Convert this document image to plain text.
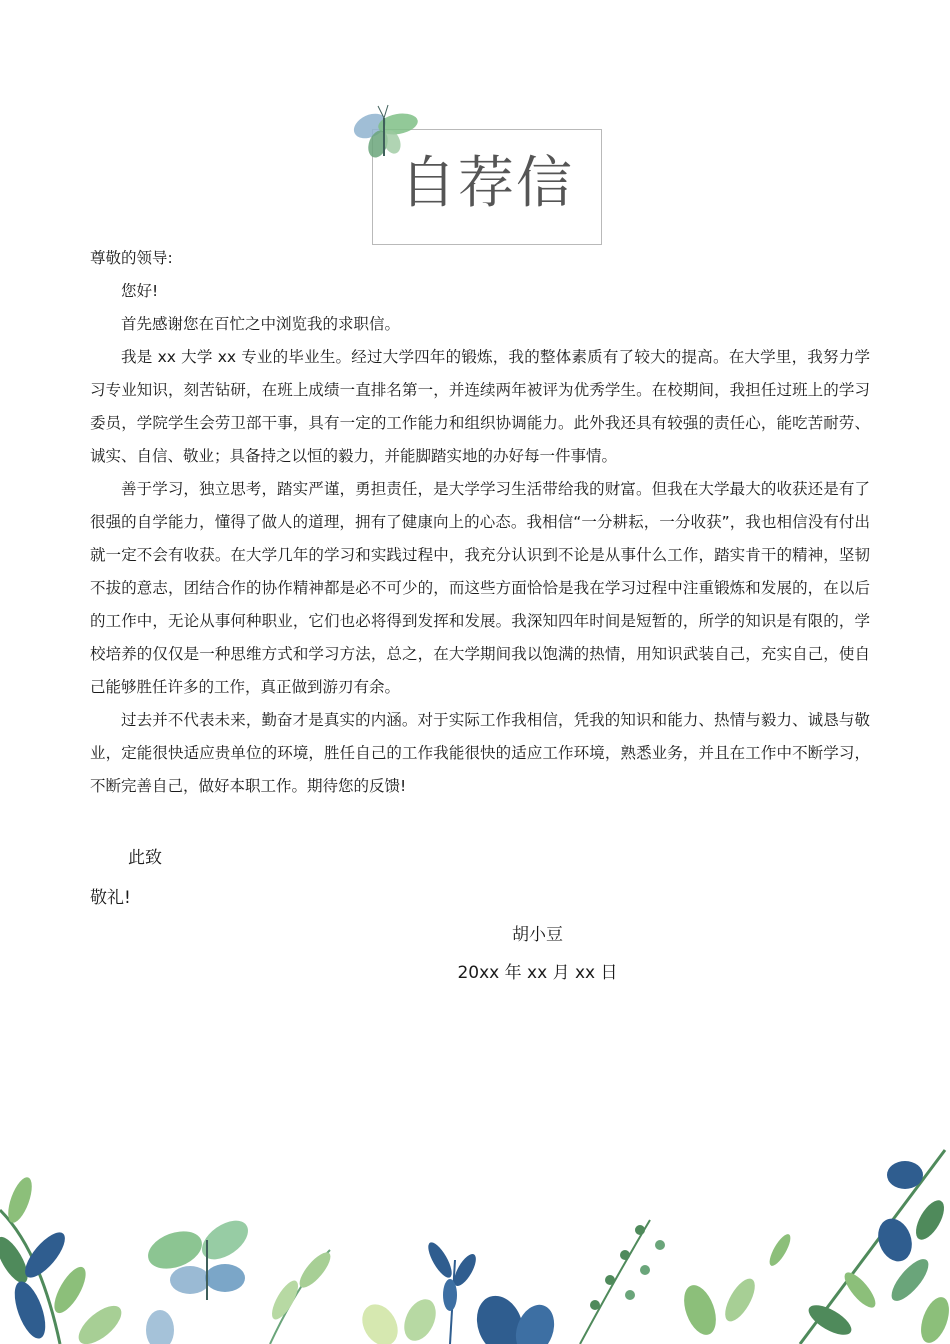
自荐信

尊敬的领导:

您好!

首先感谢您在百忙之中浏览我的求职信。

我是 xx 大学 xx 专业的毕业生。经过大学四年的锻炼，我的整体素质有了较大的提高。在大学里，我努力学习专业知识，刻苦钻研，在班上成绩一直排名第一，并连续两年被评为优秀学生。在校期间，我担任过班上的学习委员，学院学生会劳卫部干事，具有一定的工作能力和组织协调能力。此外我还具有较强的责任心，能吃苦耐劳、诚实、自信、敬业；具备持之以恒的毅力，并能脚踏实地的办好每一件事情。

善于学习，独立思考，踏实严谨，勇担责任，是大学学习生活带给我的财富。但我在大学最大的收获还是有了很强的自学能力，懂得了做人的道理，拥有了健康向上的心态。我相信“一分耕耘，一分收获”，我也相信没有付出就一定不会有收获。在大学几年的学习和实践过程中，我充分认识到不论是从事什么工作，踏实肯干的精神，坚韧不拔的意志，团结合作的协作精神都是必不可少的，而这些方面恰恰是我在学习过程中注重锻炼和发展的，在以后的工作中，无论从事何种职业，它们也必将得到发挥和发展。我深知四年时间是短暂的，所学的知识是有限的，学校培养的仅仅是一种思维方式和学习方法，总之，在大学期间我以饱满的热情，用知识武装自己，充实自己，使自己能够胜任许多的工作，真正做到游刃有余。

过去并不代表未来，勤奋才是真实的内涵。对于实际工作我相信，凭我的知识和能力、热情与毅力、诚恳与敬业，定能很快适应贵单位的环境，胜任自己的工作我能很快的适应工作环境，熟悉业务，并且在工作中不断学习，不断完善自己，做好本职工作。期待您的反馈!

此致
敬礼!
胡小豆
20xx 年 xx 月 xx 日
